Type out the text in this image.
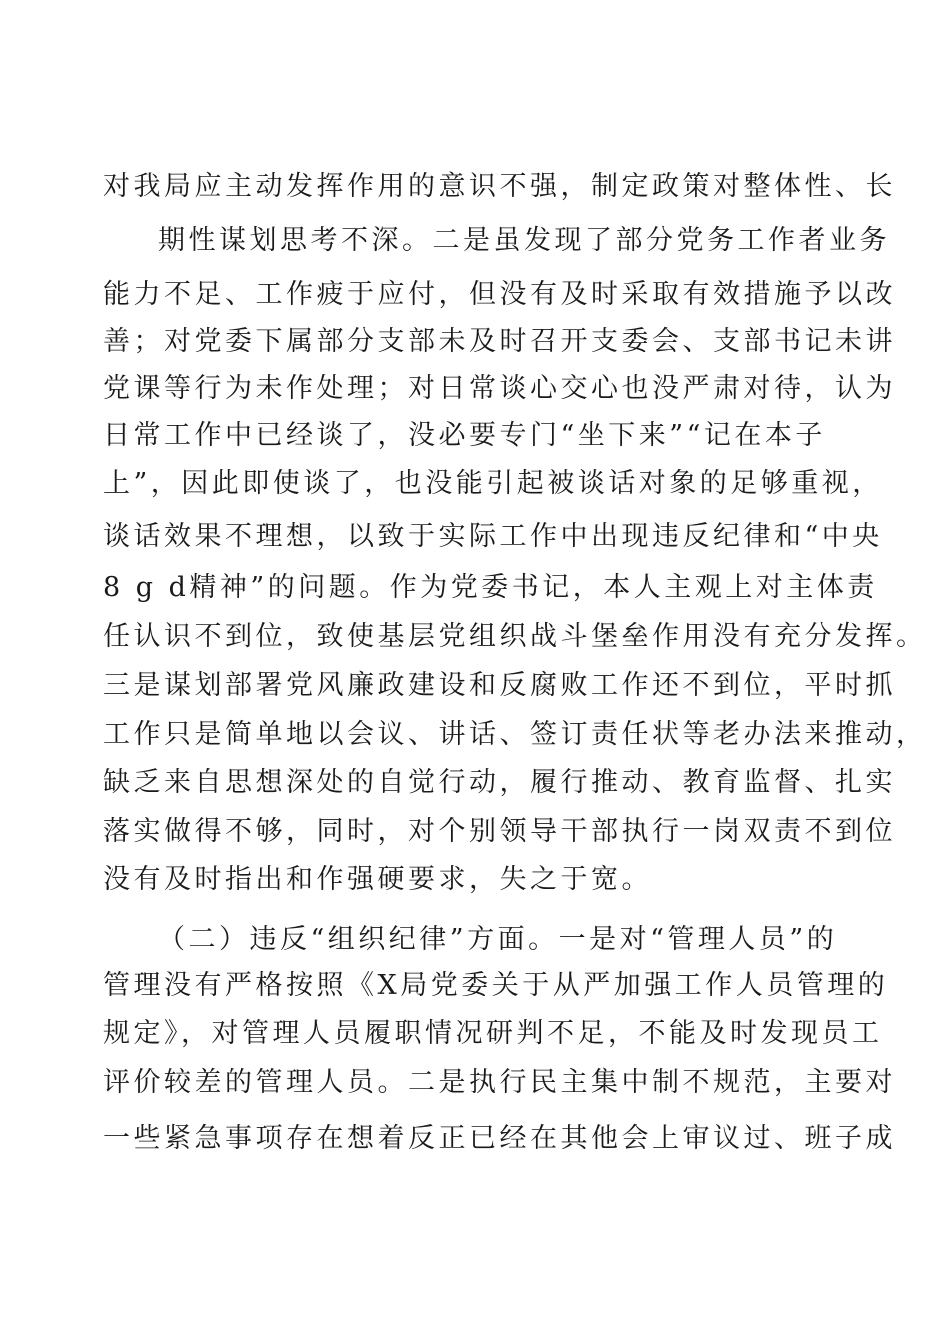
对我局应主动发挥作用的意识不强，制定政策对整体性、长
期性谋划思考不深。二是虽发现了部分党务工作者业务
能力不足、工作疲于应付，但没有及时采取有效措施予以改
善；对党委下属部分支部未及时召开支委会、支部书记未讲
党课等行为未作处理；对日常谈心交心也没严肃对待，认为
日常工作中已经谈了，没必要专门“坐下来”“记在本子
上”，因此即使谈了，也没能引起被谈话对象的足够重视，
谈话效果不理想，以致于实际工作中出现违反纪律和“中央
8 g d精神”的问题。作为党委书记，本人主观上对主体责
任认识不到位，致使基层党组织战斗堡垒作用没有充分发挥。
三是谋划部署党风廉政建设和反腐败工作还不到位，平时抓
工作只是简单地以会议、讲话、签订责任状等老办法来推动，
缺乏来自思想深处的自觉行动，履行推动、教育监督、扎实
落实做得不够，同时，对个别领导干部执行一岗双责不到位
没有及时指出和作强硬要求，失之于宽。
（二）违反“组织纪律”方面。一是对“管理人员”的
管理没有严格按照《X局党委关于从严加强工作人员管理的
规定》，对管理人员履职情况研判不足，不能及时发现员工
评价较差的管理人员。二是执行民主集中制不规范，主要对
一些紧急事项存在想着反正已经在其他会上审议过、班子成
